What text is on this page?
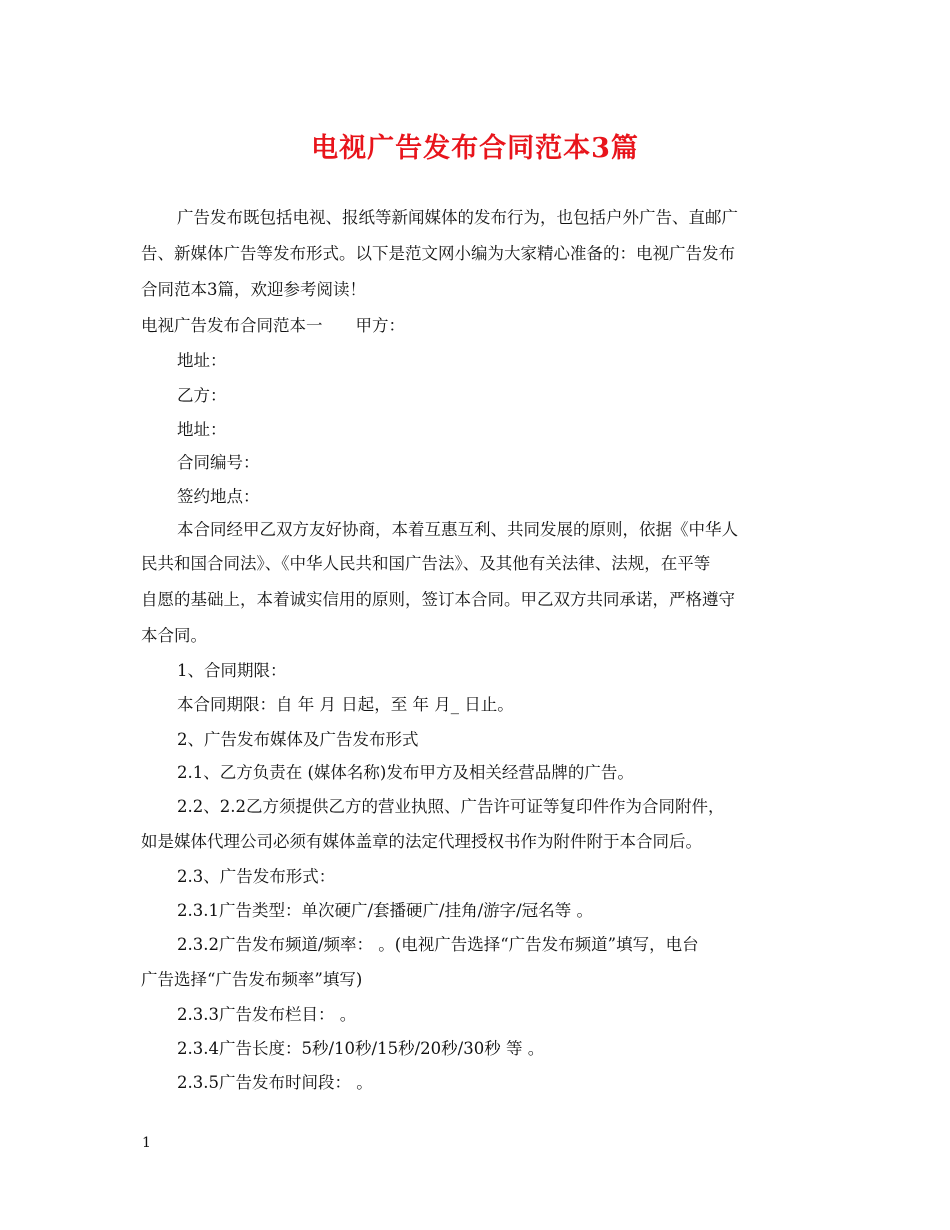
电视广告发布合同范本3篇
广告发布既包括电视、报纸等新闻媒体的发布行为，也包括户外广告、直邮广
告、新媒体广告等发布形式。以下是范文网小编为大家精心准备的：电视广告发布
合同范本3篇，欢迎参考阅读！
电视广告发布合同范本一　　甲方：
地址：
乙方：
地址：
合同编号：
签约地点：
本合同经甲乙双方友好协商，本着互惠互利、共同发展的原则，依据《中华人
民共和国合同法》、《中华人民共和国广告法》、及其他有关法律、法规，在平等
自愿的基础上，本着诚实信用的原则，签订本合同。甲乙双方共同承诺，严格遵守
本合同。
1、合同期限：
本合同期限：自 年 月 日起，至 年 月_ 日止。
2、广告发布媒体及广告发布形式
2.1、乙方负责在 (媒体名称)发布甲方及相关经营品牌的广告。
2.2、2.2乙方须提供乙方的营业执照、广告许可证等复印件作为合同附件，
如是媒体代理公司必须有媒体盖章的法定代理授权书作为附件附于本合同后。
2.3、广告发布形式：
2.3.1广告类型：单次硬广/套播硬广/挂角/游字/冠名等 。
2.3.2广告发布频道/频率： 。(电视广告选择“广告发布频道”填写，电台
广告选择“广告发布频率”填写)
2.3.3广告发布栏目： 。
2.3.4广告长度：5秒/10秒/15秒/20秒/30秒 等 。
2.3.5广告发布时间段： 。
1
